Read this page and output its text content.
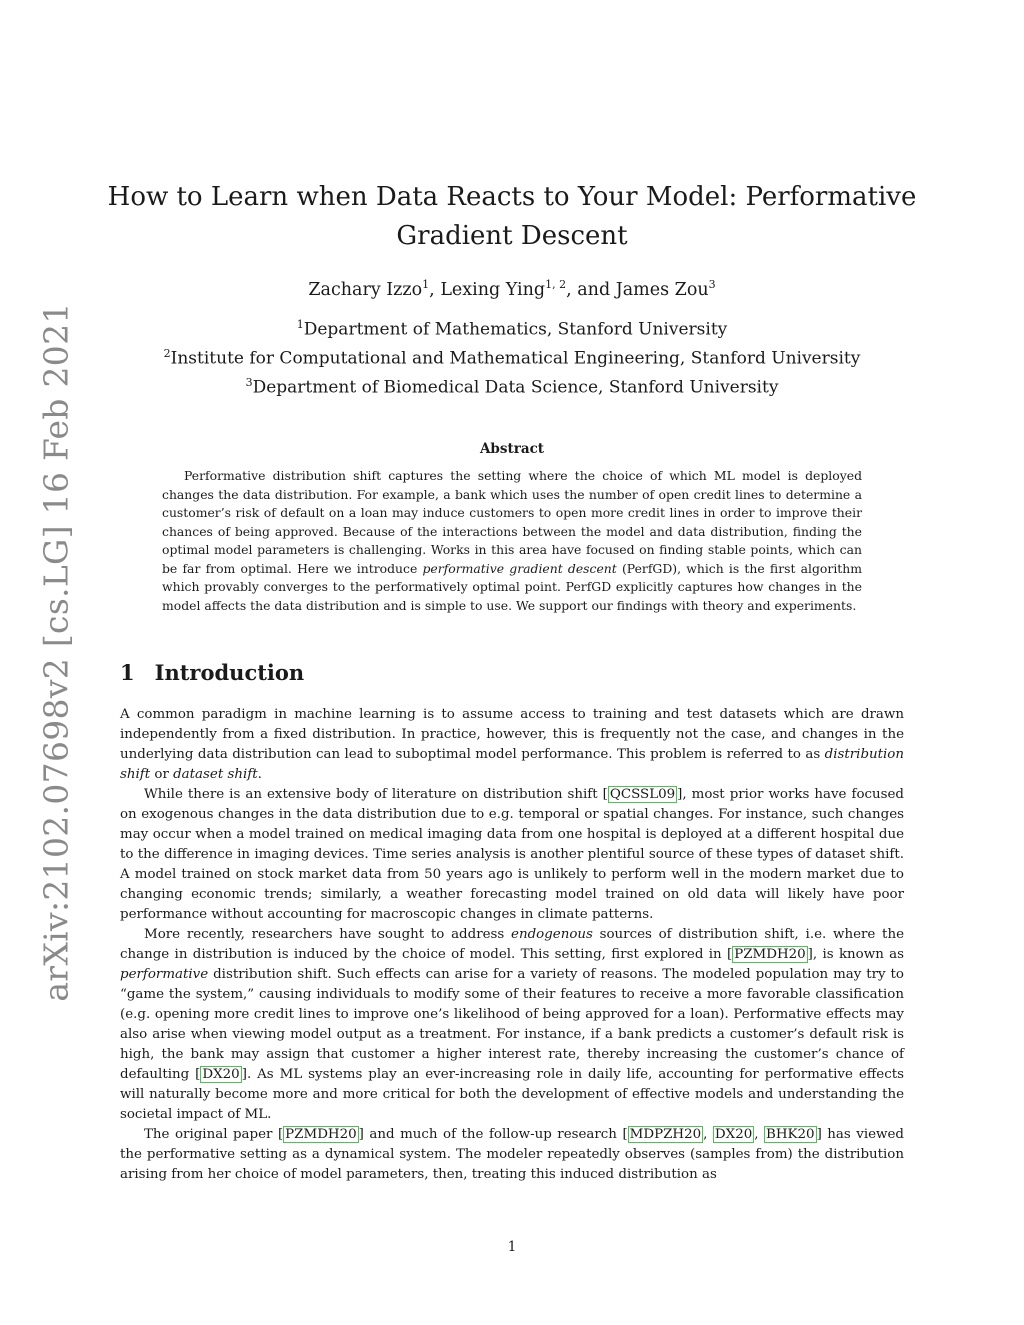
arXiv:2102.07698v2 [cs.LG] 16 Feb 2021
How to Learn when Data Reacts to Your Model: Performative
Gradient Descent
Zachary Izzo$^1$, Lexing Ying$^{1, 2}$, and James Zou$^3$
$^1$Department of Mathematics, Stanford University
$^2$Institute for Computational and Mathematical Engineering, Stanford University
$^3$Department of Biomedical Data Science, Stanford University
Abstract
Performative distribution shift captures the setting where the choice of which ML model is deployed changes the data distribution. For example, a bank which uses the number of open credit lines to determine a customer’s risk of default on a loan may induce customers to open more credit lines in order to improve their chances of being approved. Because of the interactions between the model and data distribution, finding the optimal model parameters is challenging. Works in this area have focused on finding stable points, which can be far from optimal. Here we introduce performative gradient descent (PerfGD), which is the first algorithm which provably converges to the performatively optimal point. PerfGD explicitly captures how changes in the model affects the data distribution and is simple to use. We support our findings with theory and experiments.
1 Introduction

A common paradigm in machine learning is to assume access to training and test datasets which are drawn independently from a fixed distribution. In practice, however, this is frequently not the case, and changes in the underlying data distribution can lead to suboptimal model performance. This problem is referred to as distribution shift or dataset shift.

While there is an extensive body of literature on distribution shift [ QCSSL09 ], most prior works have focused on exogenous changes in the data distribution due to e.g. temporal or spatial changes. For instance, such changes may occur when a model trained on medical imaging data from one hospital is deployed at a different hospital due to the difference in imaging devices. Time series analysis is another plentiful source of these types of dataset shift. A model trained on stock market data from 50 years ago is unlikely to perform well in the modern market due to changing economic trends; similarly, a weather forecasting model trained on old data will likely have poor performance without accounting for macroscopic changes in climate patterns.

More recently, researchers have sought to address endogenous sources of distribution shift, i.e. where the change in distribution is induced by the choice of model. This setting, first explored in [ PZMDH20 ], is known as performative distribution shift. Such effects can arise for a variety of reasons. The modeled population may try to “game the system,” causing individuals to modify some of their features to receive a more favorable classification (e.g. opening more credit lines to improve one’s likelihood of being approved for a loan). Performative effects may also arise when viewing model output as a treatment. For instance, if a bank predicts a customer’s default risk is high, the bank may assign that customer a higher interest rate, thereby increasing the customer’s chance of defaulting [ DX20 ]. As ML systems play an ever-increasing role in daily life, accounting for performative effects will naturally become more and more critical for both the development of effective models and understanding the societal impact of ML.

The original paper [ PZMDH20 ] and much of the follow-up research [ MDPZH20 , DX20 , BHK20 ] has viewed the performative setting as a dynamical system. The modeler repeatedly observes (samples from) the distribution arising from her choice of model parameters, then, treating this induced distribution as

1
